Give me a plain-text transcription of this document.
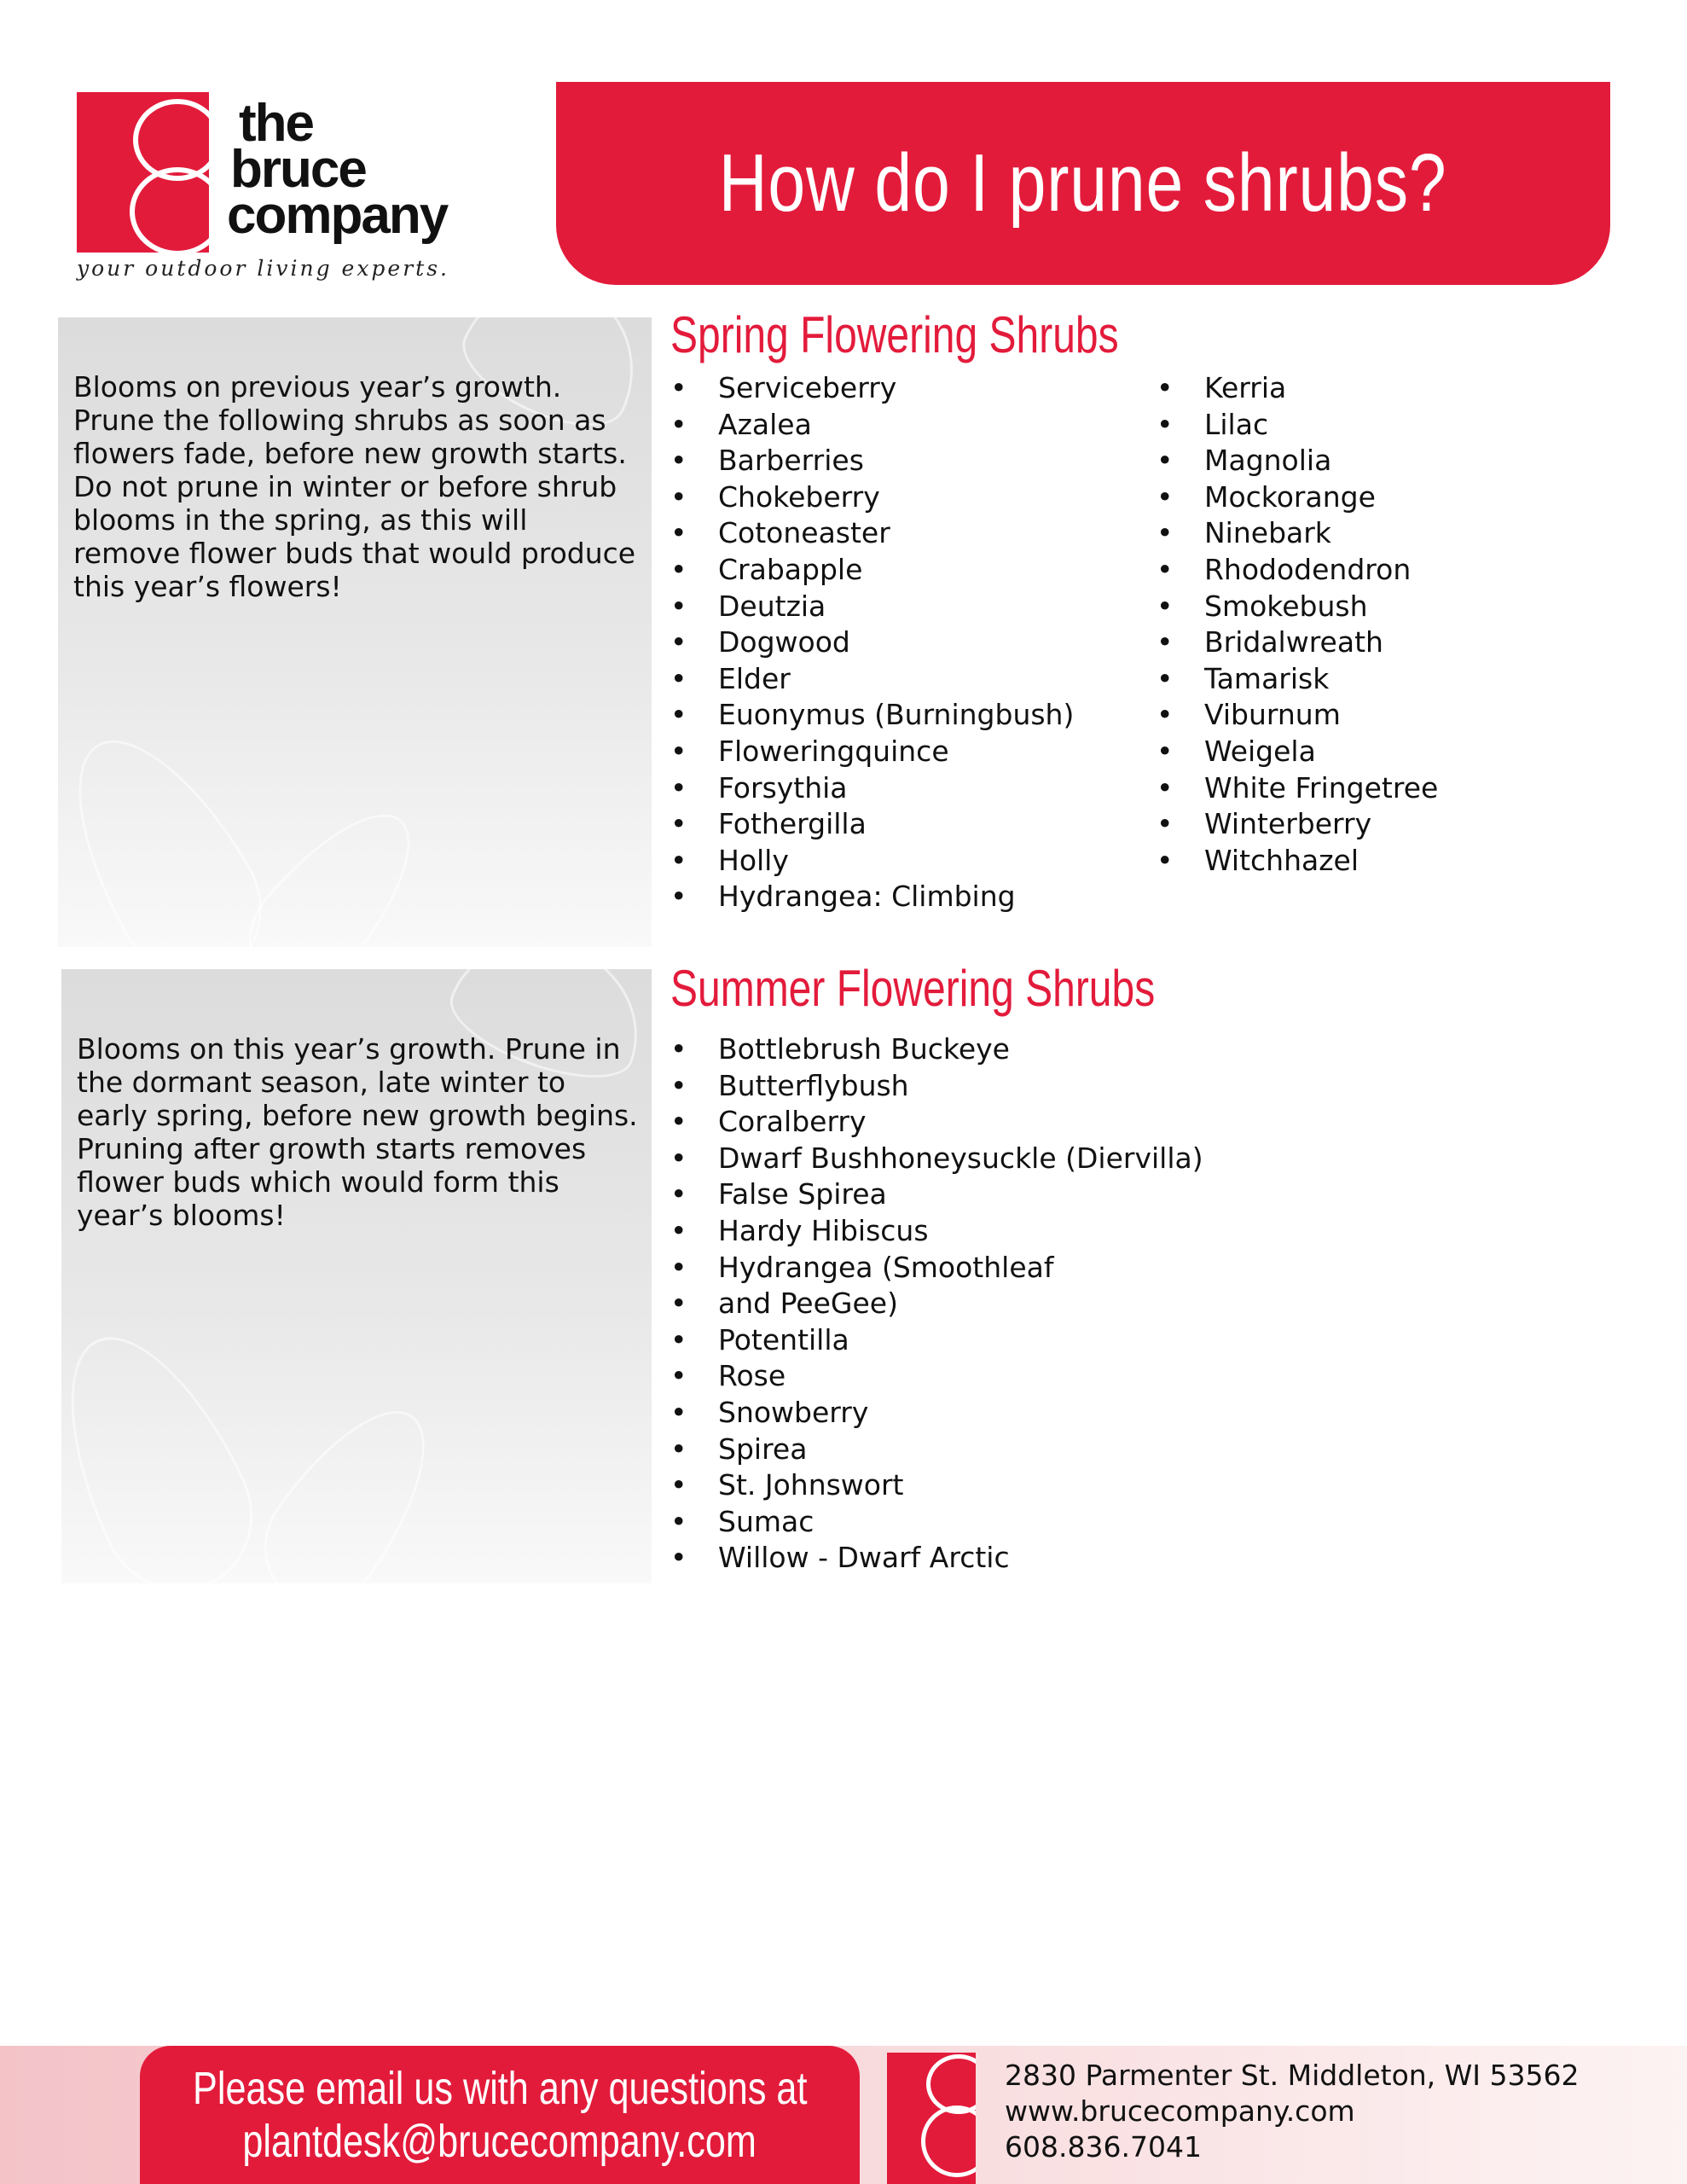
the
bruce
company
your outdoor living experts.
How do I prune shrubs?

Blooms on previous year’s growth. Prune the following shrubs as soon as flowers fade, before new growth starts. Do not prune in winter or before shrub blooms in the spring, as this will remove flower buds that would produce this year’s flowers!

Blooms on this year’s growth. Prune in the dormant season, late winter to early spring, before new growth begins. Pruning after growth starts removes flower buds which would form this year’s blooms!

Spring Flowering Shrubs
• Serviceberry
• Azalea
• Barberries
• Chokeberry
• Cotoneaster
• Crabapple
• Deutzia
• Dogwood
• Elder
• Euonymus (Burningbush)
• Floweringquince
• Forsythia
• Fothergilla
• Holly
• Hydrangea: Climbing
• Kerria
• Lilac
• Magnolia
• Mockorange
• Ninebark
• Rhododendron
• Smokebush
• Bridalwreath
• Tamarisk
• Viburnum
• Weigela
• White Fringetree
• Winterberry
• Witchhazel
Summer Flowering Shrubs
• Bottlebrush Buckeye
• Butterflybush
• Coralberry
• Dwarf Bushhoneysuckle (Diervilla)
• False Spirea
• Hardy Hibiscus
• Hydrangea (Smoothleaf
• and PeeGee)
• Potentilla
• Rose
• Snowberry
• Spirea
• St. Johnswort
• Sumac
• Willow - Dwarf Arctic
Please email us with any questions at
plantdesk@brucecompany.com
2830 Parmenter St. Middleton, WI 53562
www.brucecompany.com
608.836.7041
